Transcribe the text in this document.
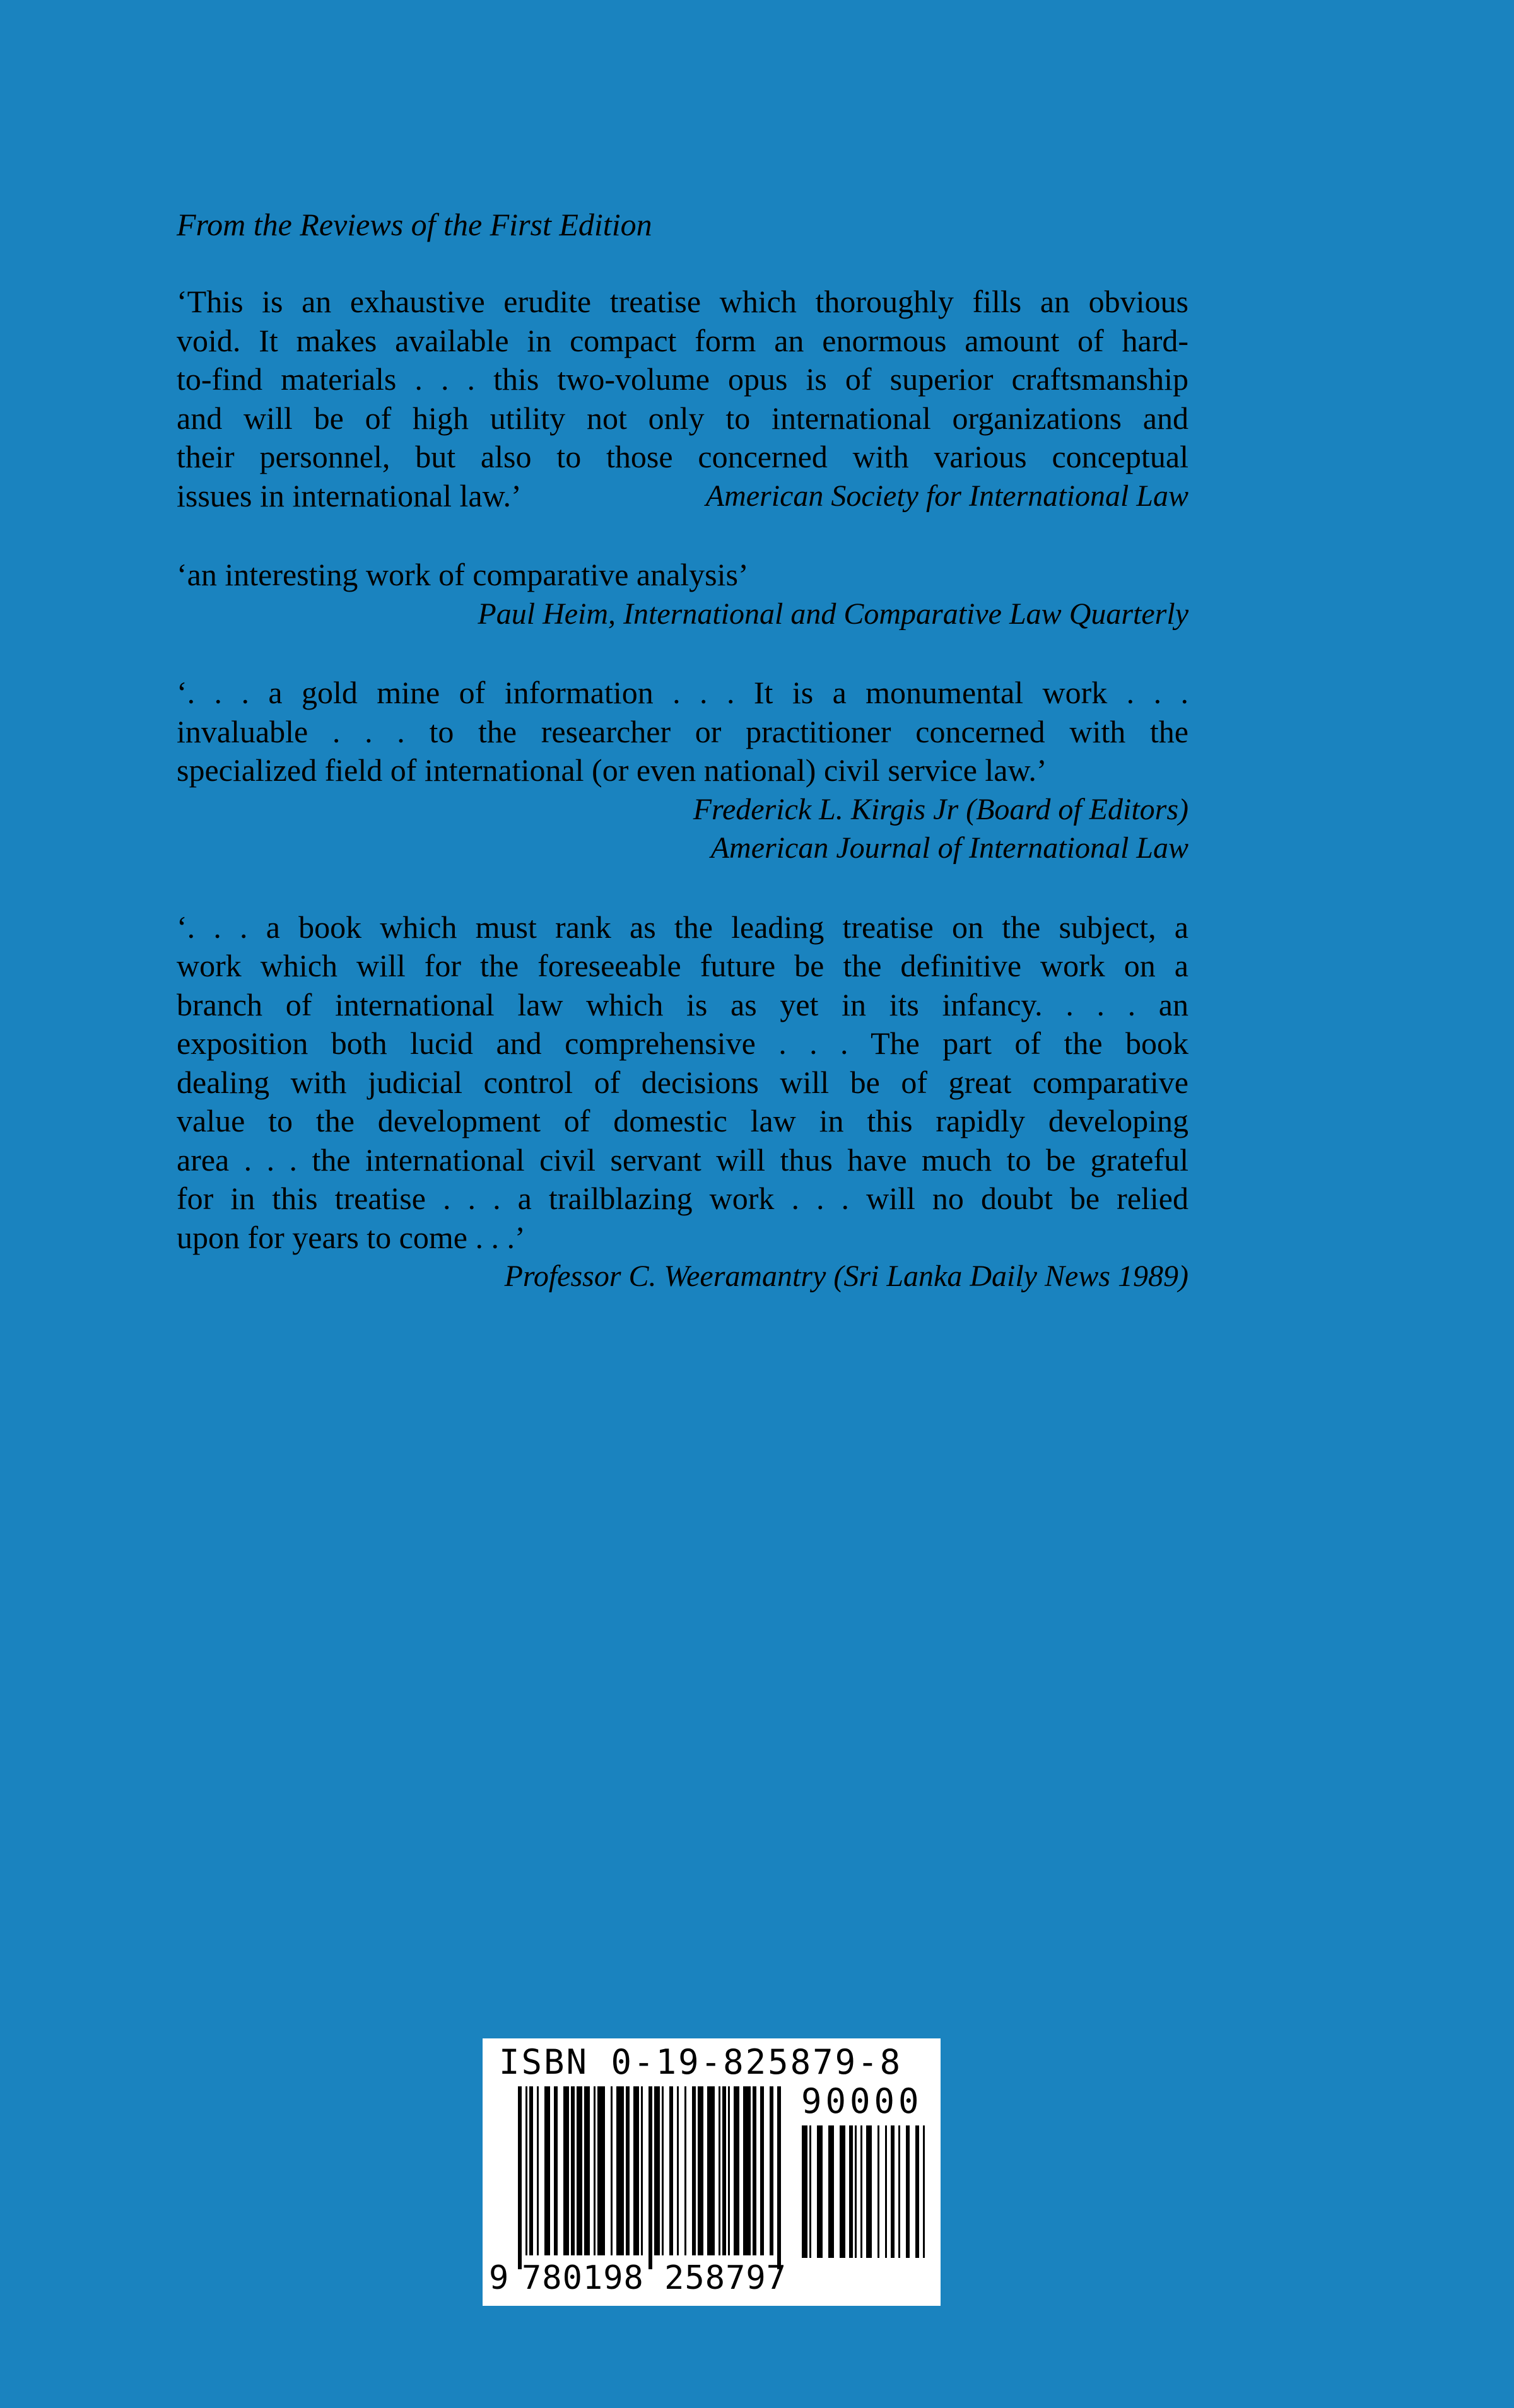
From the Reviews of the First Edition
‘This is an exhaustive erudite treatise which thoroughly fills an obvious
void. It makes available in compact form an enormous amount of hard-
to-find materials . . . this two-volume opus is of superior craftsmanship
and will be of high utility not only to international organizations and
their personnel, but also to those concerned with various conceptual
issues in international law.’	American Society for International Law
‘an interesting work of comparative analysis’
Paul Heim, International and Comparative Law Quarterly
‘. . . a gold mine of information . . . It is a monumental work . . .
invaluable . . . to the researcher or practitioner concerned with the
specialized field of international (or even national) civil service law.’
Frederick L. Kirgis Jr (Board of Editors)
American Journal of International Law
‘. . . a book which must rank as the leading treatise on the subject, a
work which will for the foreseeable future be the definitive work on a
branch of international law which is as yet in its infancy. . . . an
exposition both lucid and comprehensive . . . The part of the book
dealing with judicial control of decisions will be of great comparative
value to the development of domestic law in this rapidly developing
area . . . the international civil servant will thus have much to be grateful
for in this treatise . . . a trailblazing work . . . will no doubt be relied
upon for years to come . . .’
Professor C. Weeramantry (Sri Lanka Daily News 1989)
ISBN 0-19-825879-8
90000
9 780198 258797
